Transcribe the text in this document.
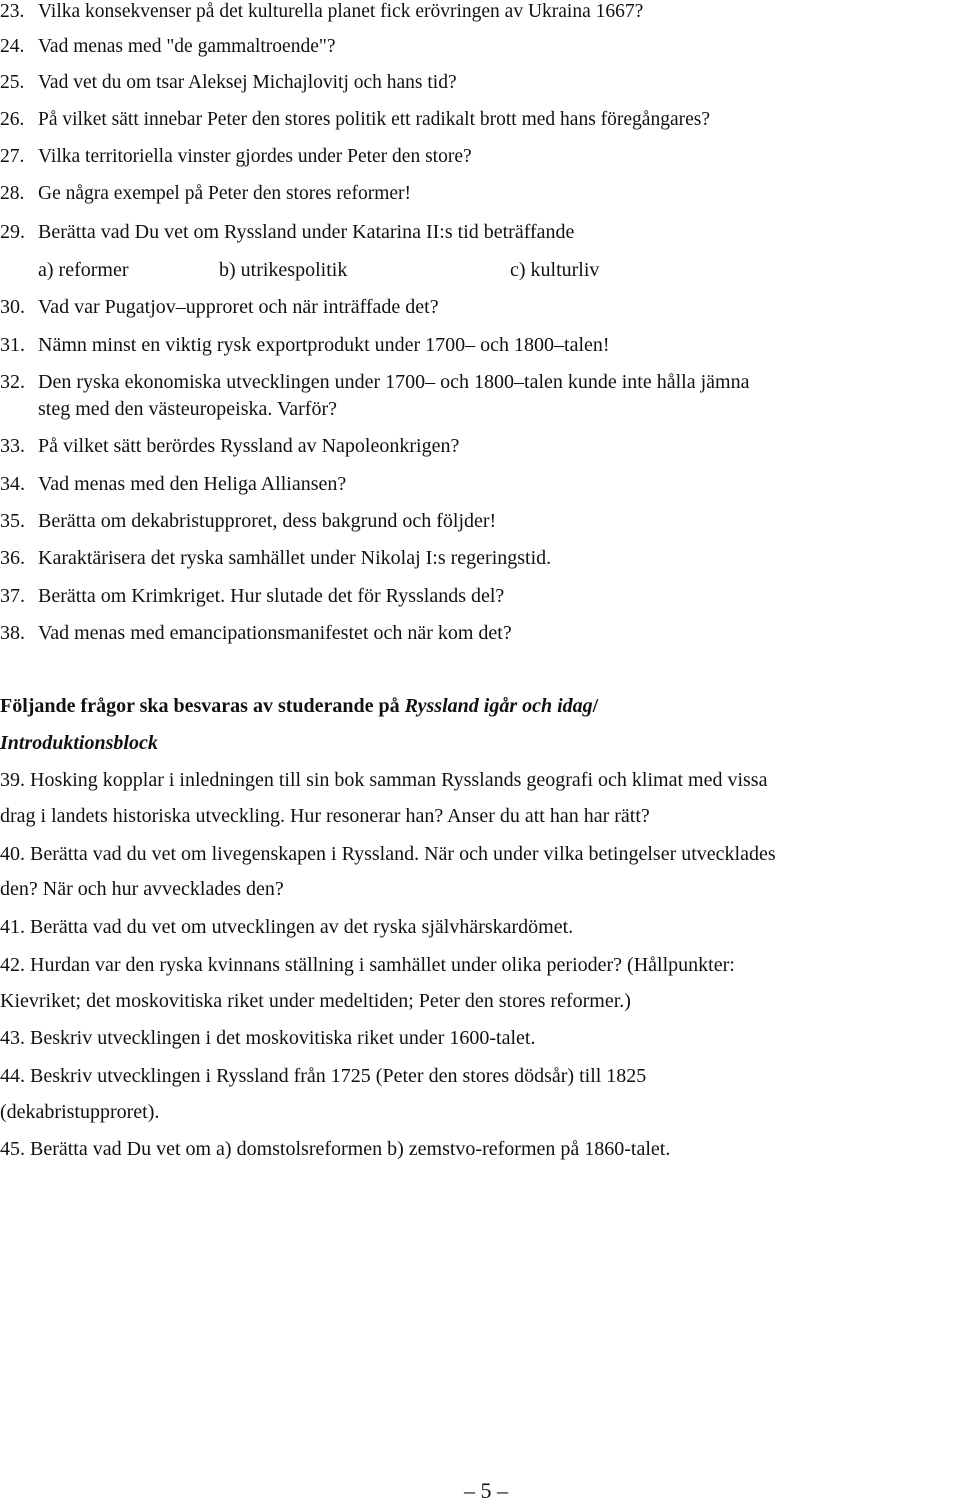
23. Vilka konsekvenser på det kulturella planet fick erövringen av Ukraina 1667?
24. Vad menas med "de gammaltroende"?
25. Vad vet du om tsar Aleksej Michajlovitj och hans tid?
26. På vilket sätt innebar Peter den stores politik ett radikalt brott med hans föregångares?
27. Vilka territoriella vinster gjordes under Peter den store?
28. Ge några exempel på Peter den stores reformer!
29. Berätta vad Du vet om Ryssland under Katarina II:s tid beträffande
a) reformer	b) utrikespolitik	c) kulturliv
30. Vad var Pugatjov–upproret och när inträffade det?
31. Nämn minst en viktig rysk exportprodukt under 1700– och 1800–talen!
32. Den ryska ekonomiska utvecklingen under 1700– och 1800–talen kunde inte hålla jämna
steg med den västeuropeiska. Varför?
33. På vilket sätt berördes Ryssland av Napoleonkrigen?
34. Vad menas med den Heliga Alliansen?
35. Berätta om dekabristupproret, dess bakgrund och följder!
36. Karaktärisera det ryska samhället under Nikolaj I:s regeringstid.
37. Berätta om Krimkriget. Hur slutade det för Rysslands del?
38. Vad menas med emancipationsmanifestet och när kom det?
Följande frågor ska besvaras av studerande på Ryssland igår och idag/
Introduktionsblock
39. Hosking kopplar i inledningen till sin bok samman Rysslands geografi och klimat med vissa
drag i landets historiska utveckling. Hur resonerar han? Anser du att han har rätt?
40. Berätta vad du vet om livegenskapen i Ryssland. När och under vilka betingelser utvecklades
den? När och hur avvecklades den?
41. Berätta vad du vet om utvecklingen av det ryska självhärskardömet.
42. Hurdan var den ryska kvinnans ställning i samhället under olika perioder? (Hållpunkter:
Kievriket; det moskovitiska riket under medeltiden; Peter den stores reformer.)
43. Beskriv utvecklingen i det moskovitiska riket under 1600-talet.
44. Beskriv utvecklingen i Ryssland från 1725 (Peter den stores dödsår) till 1825
(dekabristupproret).
45. Berätta vad Du vet om a) domstolsreformen b) zemstvo-reformen på 1860-talet.
– 5 –
